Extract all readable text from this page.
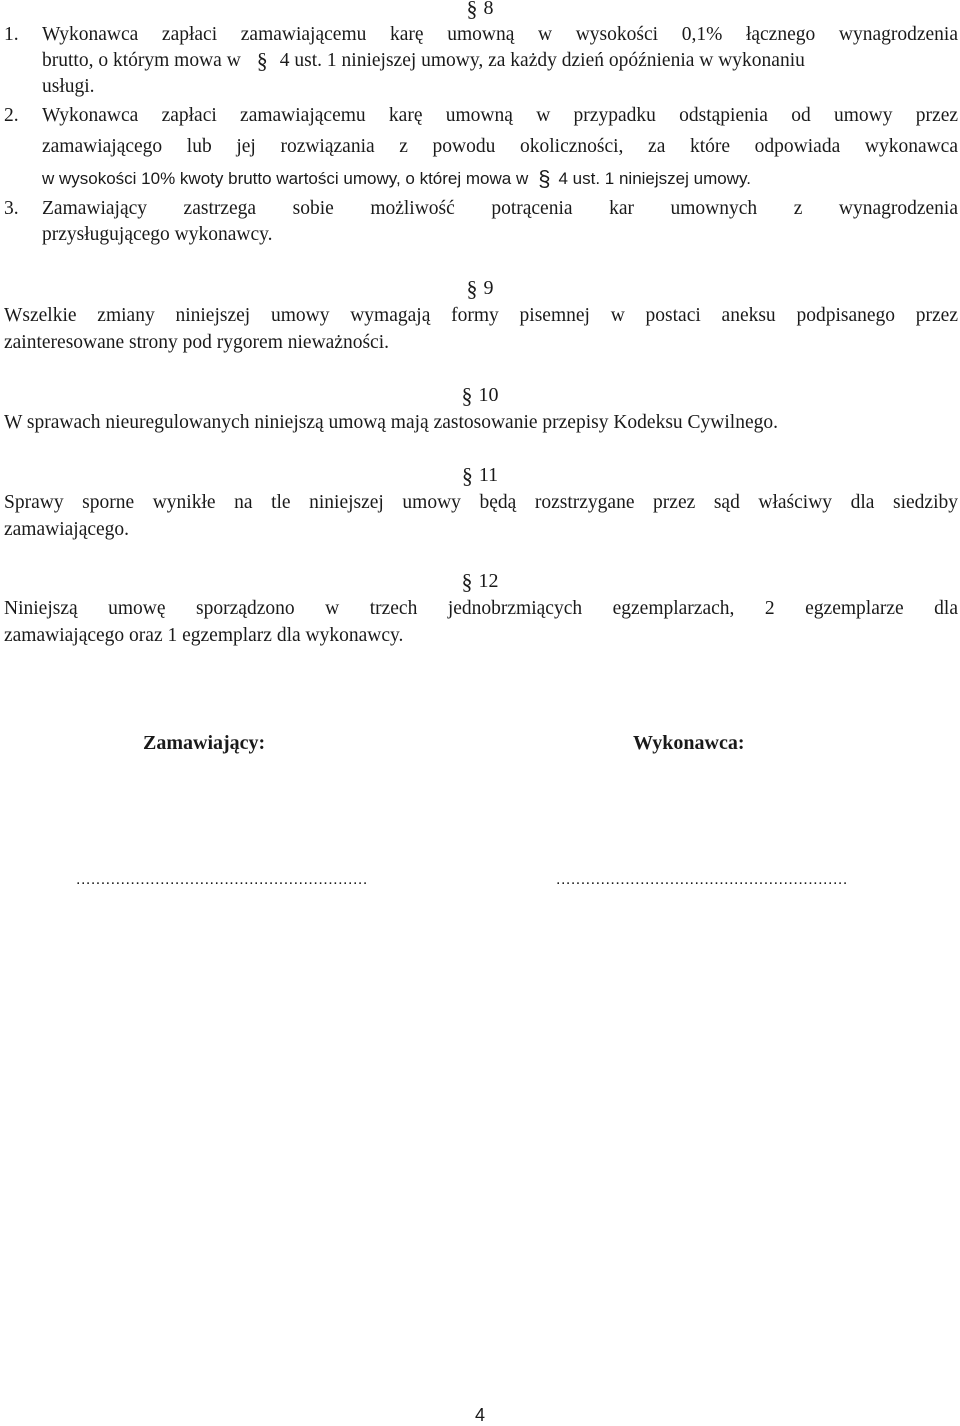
§ 8
1. Wykonawca zapłaci zamawiającemu karę umowną w wysokości 0,1% łącznego wynagrodzenia
brutto, o którym mowa w § 4 ust. 1 niniejszej umowy, za każdy dzień opóźnienia w wykonaniu
usługi.
2. Wykonawca zapłaci zamawiającemu karę umowną w przypadku odstąpienia od umowy przez
zamawiającego lub jej rozwiązania z powodu okoliczności, za które odpowiada wykonawca
w wysokości 10% kwoty brutto wartości umowy, o której mowa w § 4 ust. 1 niniejszej umowy.
3. Zamawiający zastrzega sobie możliwość potrącenia kar umownych z wynagrodzenia
przysługującego wykonawcy.
§ 9
Wszelkie zmiany niniejszej umowy wymagają formy pisemnej w postaci aneksu podpisanego przez
zainteresowane strony pod rygorem nieważności.
§ 10
W sprawach nieuregulowanych niniejszą umową mają zastosowanie przepisy Kodeksu Cywilnego.
§ 11
Sprawy sporne wynikłe na tle niniejszej umowy będą rozstrzygane przez sąd właściwy dla siedziby
zamawiającego.
§ 12
Niniejszą umowę sporządzono w trzech jednobrzmiących egzemplarzach, 2 egzemplarze dla
zamawiającego oraz 1 egzemplarz dla wykonawcy.
Zamawiający:	Wykonawca:
...........................................................	...........................................................
4
